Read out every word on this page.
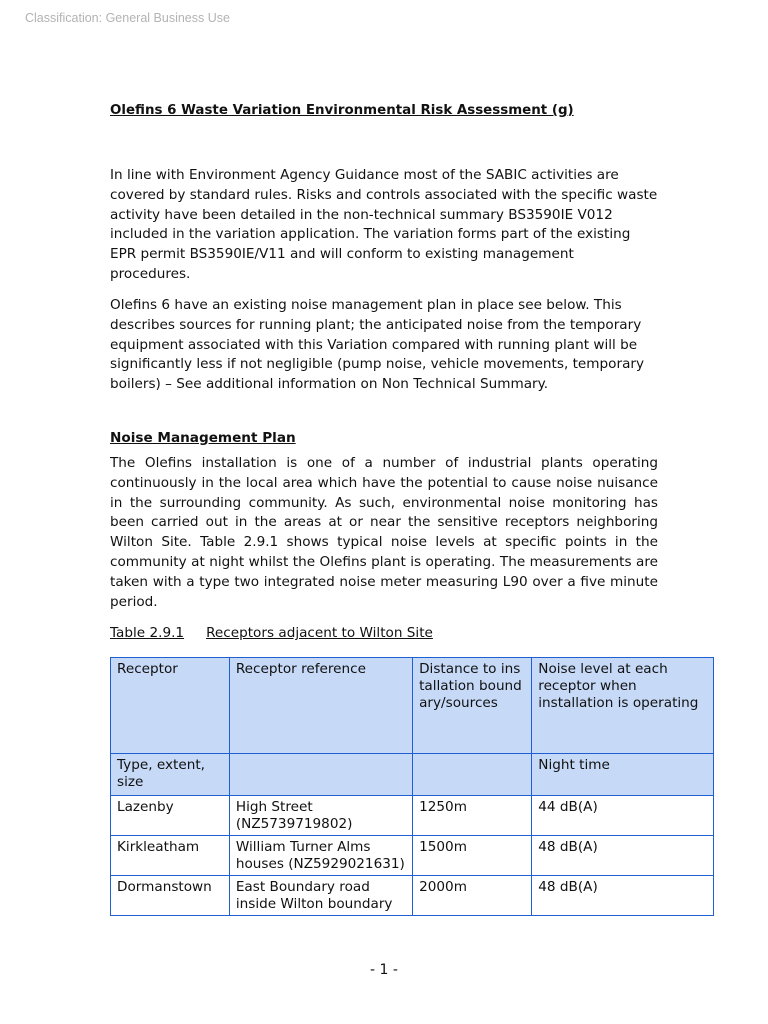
Classification: General Business Use
Olefins 6 Waste Variation Environmental Risk Assessment (g)

In line with Environment Agency Guidance most of the SABIC activities are covered by standard rules. Risks and controls associated with the specific waste activity have been detailed in the non-technical summary BS3590IE V012 included in the variation application. The variation forms part of the existing EPR permit BS3590IE/V11 and will conform to existing management procedures.

Olefins 6 have an existing noise management plan in place see below. This describes sources for running plant; the anticipated noise from the temporary equipment associated with this Variation compared with running plant will be significantly less if not negligible (pump noise, vehicle movements, temporary boilers) – See additional information on Non Technical Summary.

Noise Management Plan

The Olefins installation is one of a number of industrial plants operating continuously in the local area which have the potential to cause noise nuisance in the surrounding community. As such, environmental noise monitoring has been carried out in the areas at or near the sensitive receptors neighboring Wilton Site. Table 2.9.1 shows typical noise levels at specific points in the community at night whilst the Olefins plant is operating. The measurements are taken with a type two integrated noise meter measuring L90 over a five minute period.

Table 2.9.1 Receptors adjacent to Wilton Site
Receptor	Receptor reference	Distance to installation boundary/sources	Noise level at each receptor when installation is operating
Type, extent, size			Night time
Lazenby	High Street (NZ5739719802)	1250m	44 dB(A)
Kirkleatham	William Turner Alms houses (NZ5929021631)	1500m	48 dB(A)
Dormanstown	East Boundary road inside Wilton boundary	2000m	48 dB(A)
- 1 -
